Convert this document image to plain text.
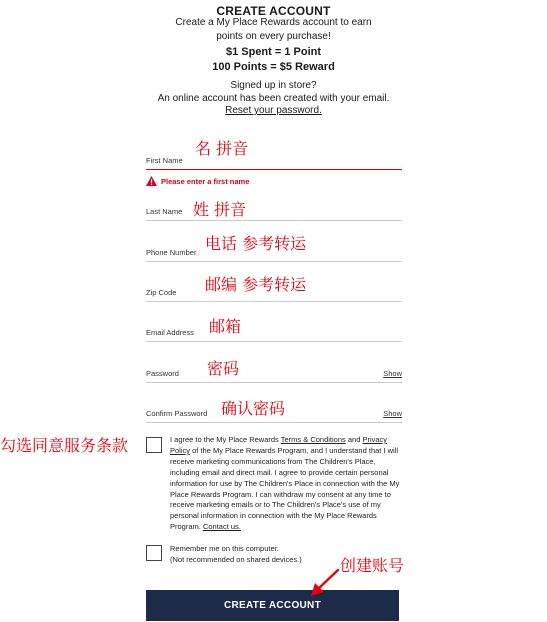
CREATE ACCOUNT
Create a My Place Rewards account to earn
points on every purchase!
$1 Spent = 1 Point
100 Points = $5 Reward
Signed up in store?
An online account has been created with your email.
Reset your password.
First Name
Please enter a first name
Last Name
Phone Number
Zip Code
Email Address
Password	Show
Confirm Password	Show
I agree to the My Place Rewards Terms & Conditions and Privacy Policy of the My Place Rewards Program, and I understand that I will receive marketing communications from The Children's Place, including email and direct mail. I agree to provide certain personal information for use by The Children's Place in connection with the My Place Rewards Program. I can withdraw my consent at any time to receive marketing emails or to The Children's Place's use of my personal information in connection with the My Place Rewards Program. Contact us.
Remember me on this computer.
(Not recommended on shared devices.)
CREATE ACCOUNT
名 拼音
姓 拼音
电话 参考转运
邮编 参考转运
邮箱
密码
确认密码
勾选同意服务条款
创建账号
